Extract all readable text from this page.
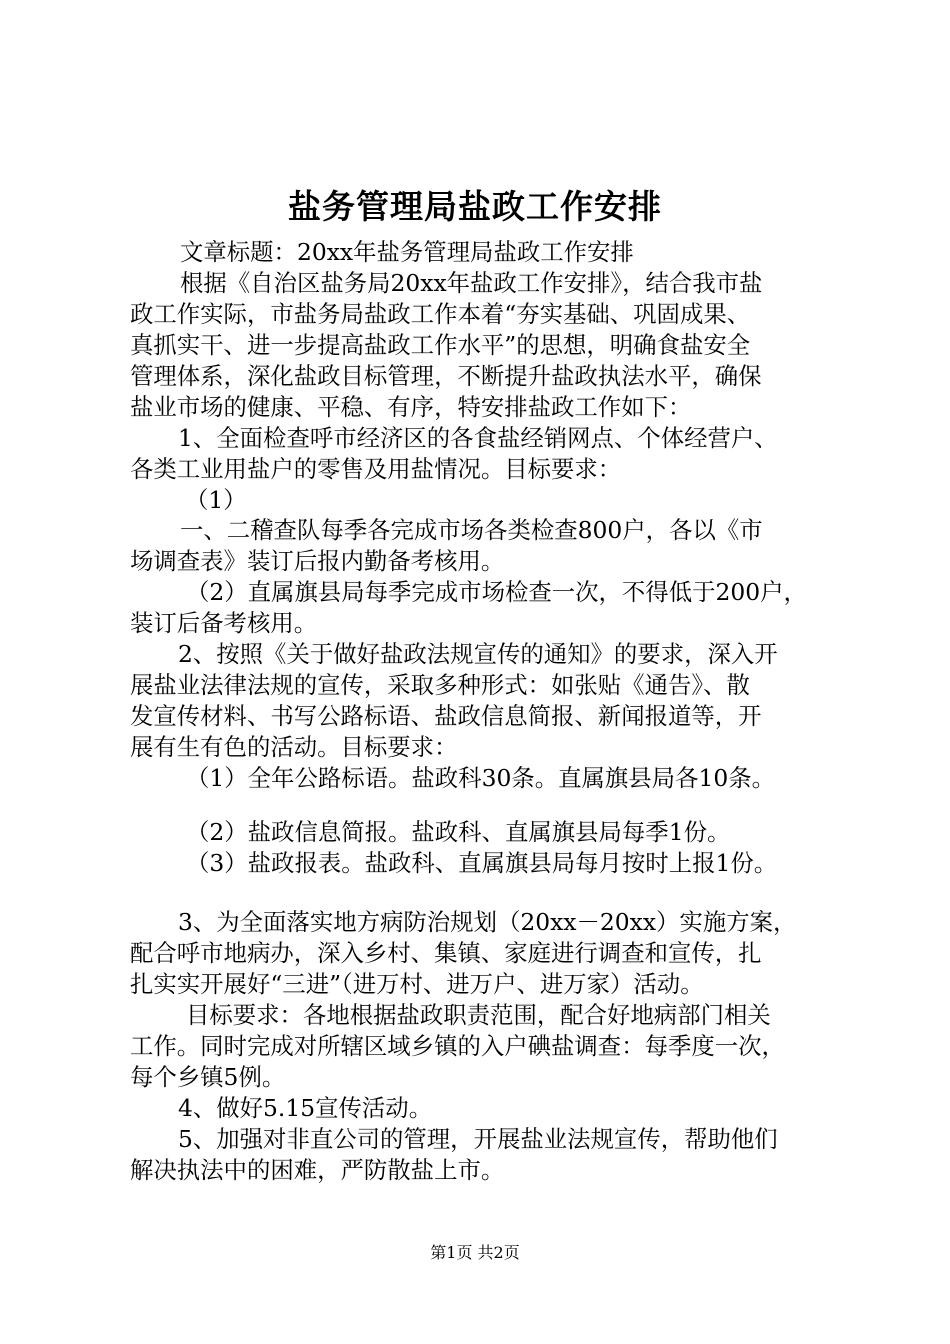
盐务管理局盐政工作安排
文章标题：20xx年盐务管理局盐政工作安排
根据《自治区盐务局20xx年盐政工作安排》，结合我市盐
政工作实际，市盐务局盐政工作本着“夯实基础、巩固成果、
真抓实干、进一步提高盐政工作水平”的思想，明确食盐安全
管理体系，深化盐政目标管理，不断提升盐政执法水平，确保
盐业市场的健康、平稳、有序，特安排盐政工作如下：
1、全面检查呼市经济区的各食盐经销网点、个体经营户、
各类工业用盐户的零售及用盐情况。目标要求：
（1）
一、二稽查队每季各完成市场各类检查800户，各以《市
场调查表》装订后报内勤备考核用。
（2）直属旗县局每季完成市场检查一次，不得低于200户，
装订后备考核用。
2、按照《关于做好盐政法规宣传的通知》的要求，深入开
展盐业法律法规的宣传，采取多种形式：如张贴《通告》、散
发宣传材料、书写公路标语、盐政信息简报、新闻报道等，开
展有生有色的活动。目标要求：
（1）全年公路标语。盐政科30条。直属旗县局各10条。
（2）盐政信息简报。盐政科、直属旗县局每季1份。
（3）盐政报表。盐政科、直属旗县局每月按时上报1份。
3、为全面落实地方病防治规划（20xx－20xx）实施方案，
配合呼市地病办，深入乡村、集镇、家庭进行调查和宣传，扎
扎实实开展好“三进”（进万村、进万户、进万家）活动。
目标要求：各地根据盐政职责范围，配合好地病部门相关
工作。同时完成对所辖区域乡镇的入户碘盐调查：每季度一次，
每个乡镇5例。
4、做好5.15宣传活动。
5、加强对非直公司的管理，开展盐业法规宣传，帮助他们
解决执法中的困难，严防散盐上市。
第1页 共2页
